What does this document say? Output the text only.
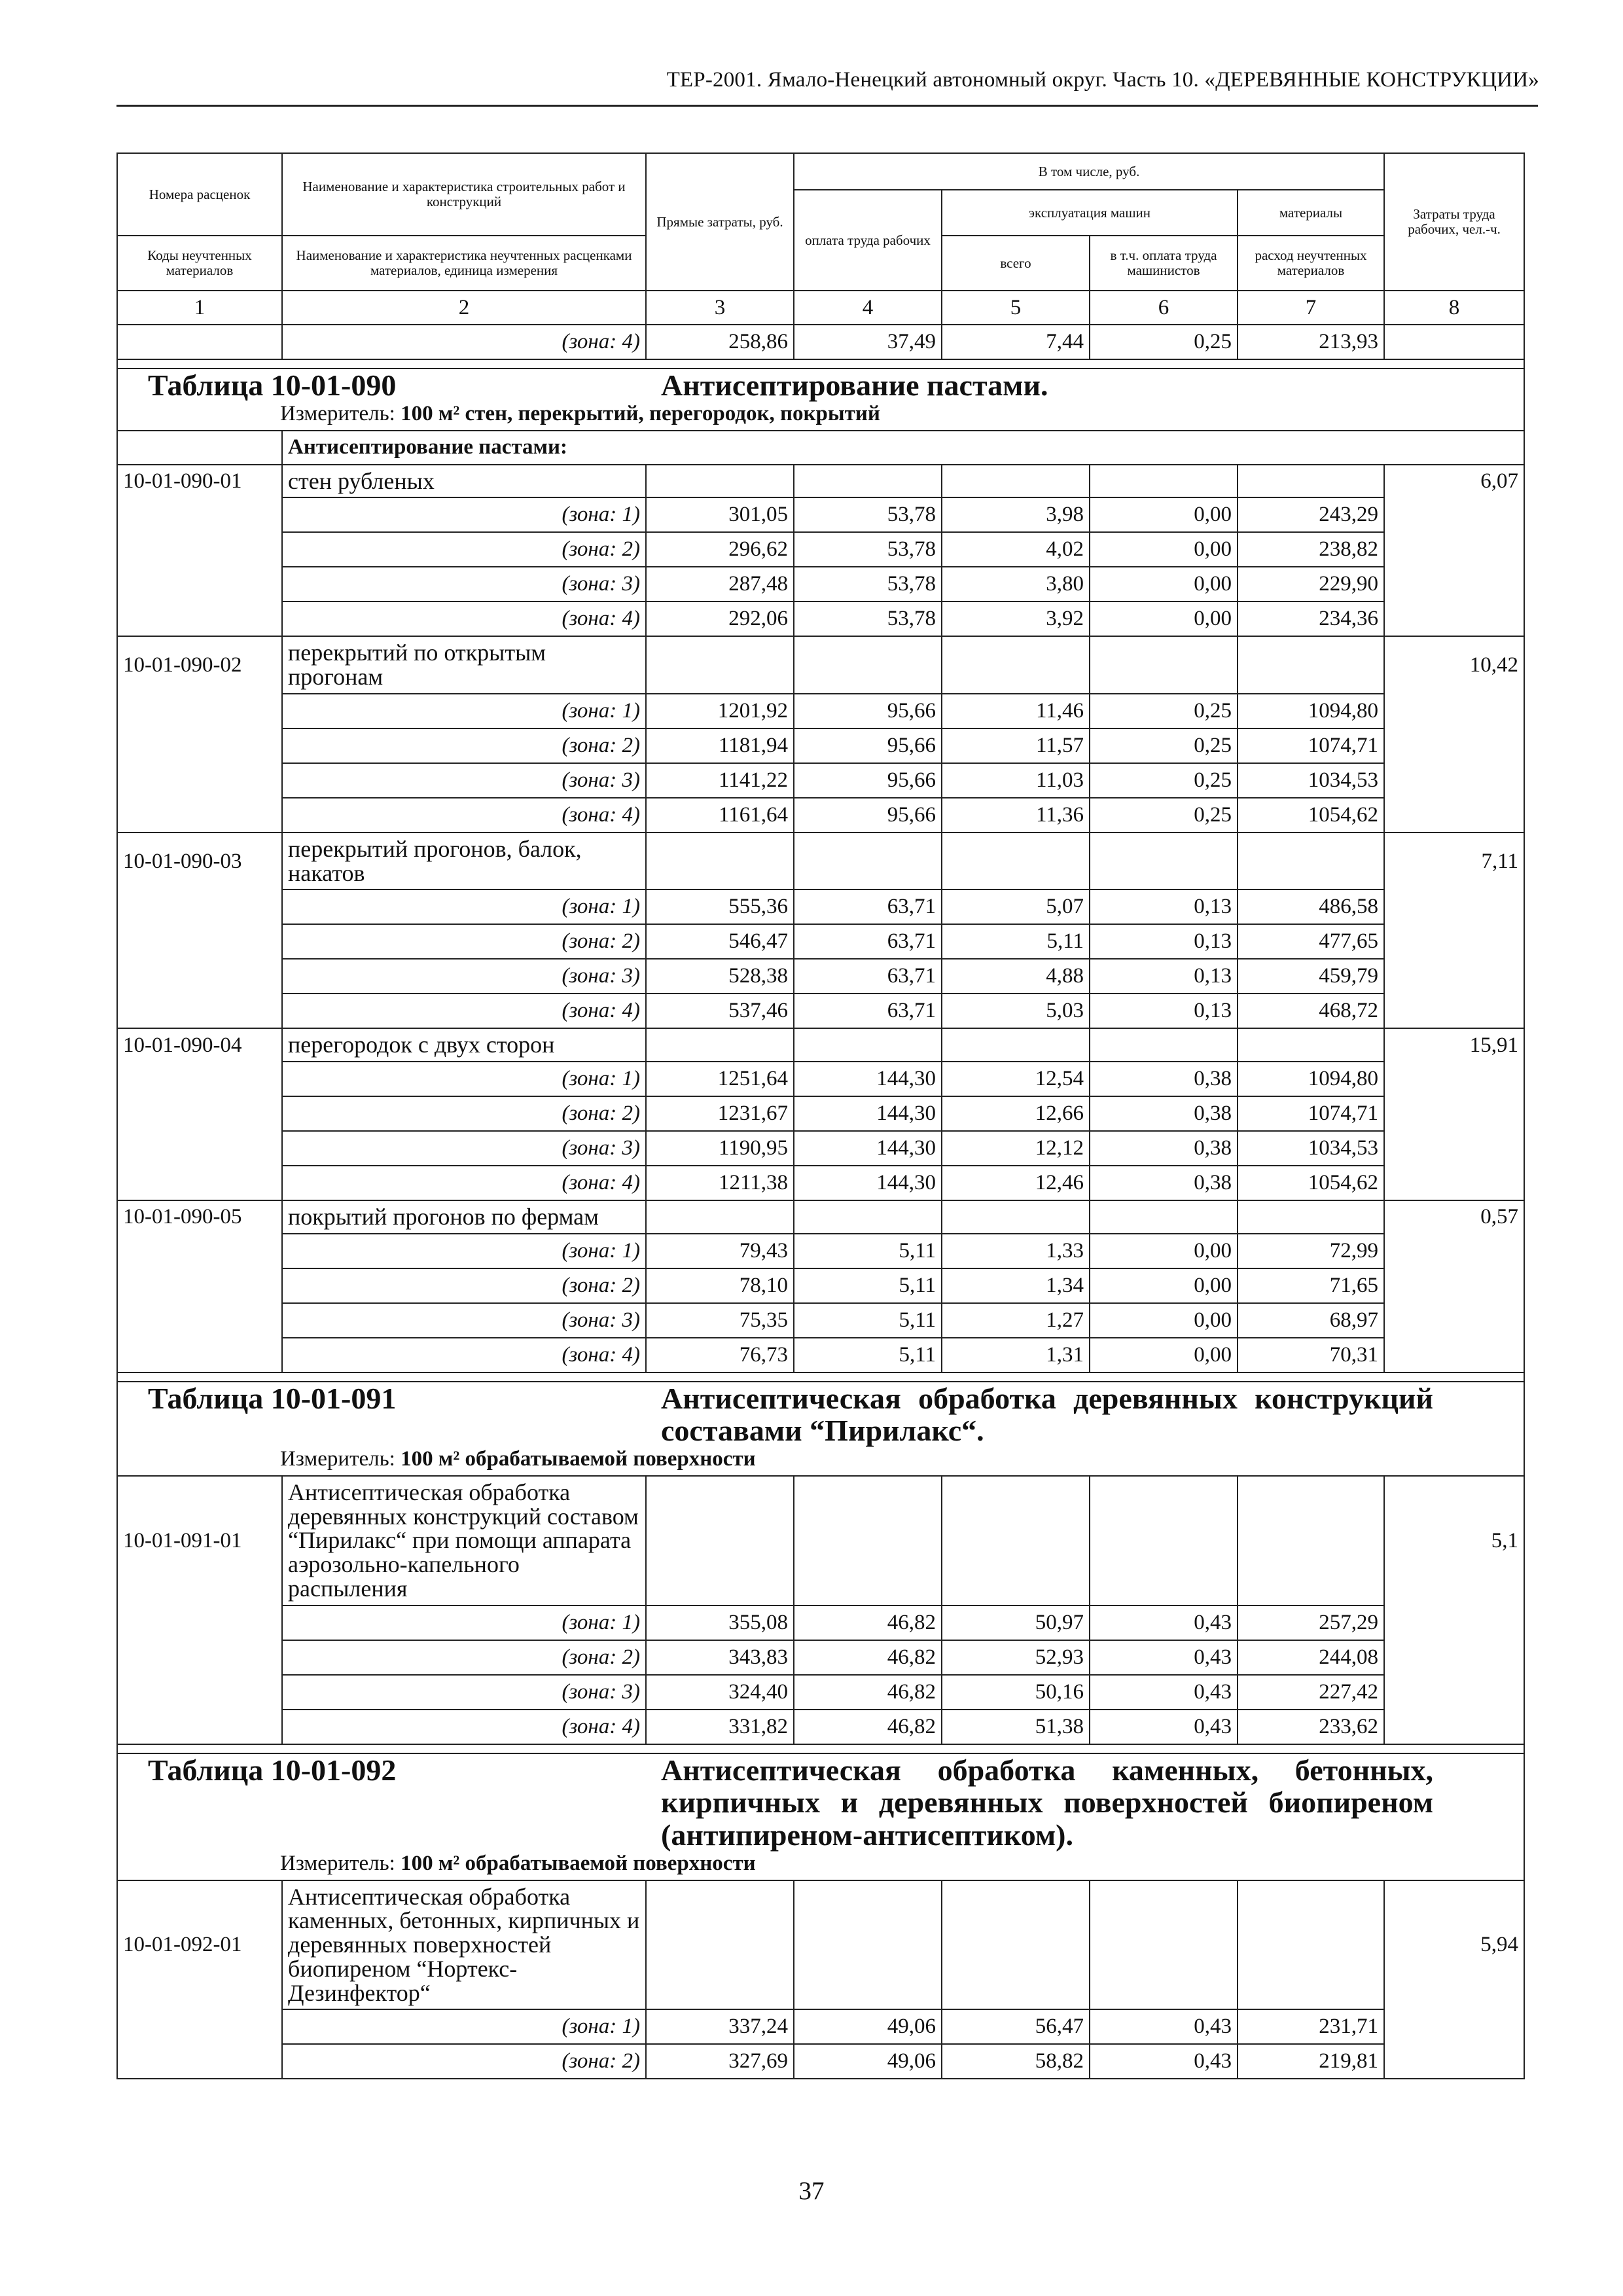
ТЕР-2001. Ямало-Ненецкий автономный округ. Часть 10. «ДЕРЕВЯННЫЕ КОНСТРУКЦИИ»
Номера расценок	Наименование и характеристика строительных работ и конструкций	Прямые затраты, руб.	В том числе, руб.				Затраты труда рабочих, чел.-ч.
			оплата труда рабочих	эксплуатация машин		материалы	
Коды неучтенных материалов	Наименование и характеристика неучтенных расценками материалов, единица измерения			всего	в т.ч. оплата труда машинистов	расход неучтенных материалов	
1	2	3	4	5	6	7	8
	(зона: 4)	258,86	37,49	7,44	0,25	213,93	

Таблица 10-01-090 Антисептирование пастами.
Измеритель: 100 м² стен, перекрытий, перегородок, покрытий							

	Антисептирование пастами:						
10-01-090-01	стен рубленых						6,07
	(зона: 1)	301,05	53,78	3,98	0,00	243,29	
	(зона: 2)	296,62	53,78	4,02	0,00	238,82	
	(зона: 3)	287,48	53,78	3,80	0,00	229,90	
	(зона: 4)	292,06	53,78	3,92	0,00	234,36	
10-01-090-02	перекрытий по открытым прогонам						10,42
	(зона: 1)	1201,92	95,66	11,46	0,25	1094,80	
	(зона: 2)	1181,94	95,66	11,57	0,25	1074,71	
	(зона: 3)	1141,22	95,66	11,03	0,25	1034,53	
	(зона: 4)	1161,64	95,66	11,36	0,25	1054,62	
10-01-090-03	перекрытий прогонов, балок, накатов						7,11
	(зона: 1)	555,36	63,71	5,07	0,13	486,58	
	(зона: 2)	546,47	63,71	5,11	0,13	477,65	
	(зона: 3)	528,38	63,71	4,88	0,13	459,79	
	(зона: 4)	537,46	63,71	5,03	0,13	468,72	
10-01-090-04	перегородок с двух сторон						15,91
	(зона: 1)	1251,64	144,30	12,54	0,38	1094,80	
	(зона: 2)	1231,67	144,30	12,66	0,38	1074,71	
	(зона: 3)	1190,95	144,30	12,12	0,38	1034,53	
	(зона: 4)	1211,38	144,30	12,46	0,38	1054,62	
10-01-090-05	покрытий прогонов по фермам						0,57
	(зона: 1)	79,43	5,11	1,33	0,00	72,99	
	(зона: 2)	78,10	5,11	1,34	0,00	71,65	
	(зона: 3)	75,35	5,11	1,27	0,00	68,97	
	(зона: 4)	76,73	5,11	1,31	0,00	70,31	

Таблица 10-01-091 Антисептическая обработка деревянных конструкций составами “Пирилакс“.
Измеритель: 100 м² обрабатываемой поверхности							

10-01-091-01	Антисептическая обработка деревянных конструкций составом “Пирилакс“ при помощи аппарата аэрозольно-капельного распыления						5,1
	(зона: 1)	355,08	46,82	50,97	0,43	257,29	
	(зона: 2)	343,83	46,82	52,93	0,43	244,08	
	(зона: 3)	324,40	46,82	50,16	0,43	227,42	
	(зона: 4)	331,82	46,82	51,38	0,43	233,62	

Таблица 10-01-092 Антисептическая обработка каменных, бетонных, кирпичных и деревянных поверхностей биопиреном (антипиреном-антисептиком).
Измеритель: 100 м² обрабатываемой поверхности							

10-01-092-01	Антисептическая обработка каменных, бетонных, кирпичных и деревянных поверхностей биопиреном “Нортекс-Дезинфектор“						5,94
	(зона: 1)	337,24	49,06	56,47	0,43	231,71	
	(зона: 2)	327,69	49,06	58,82	0,43	219,81	
37
